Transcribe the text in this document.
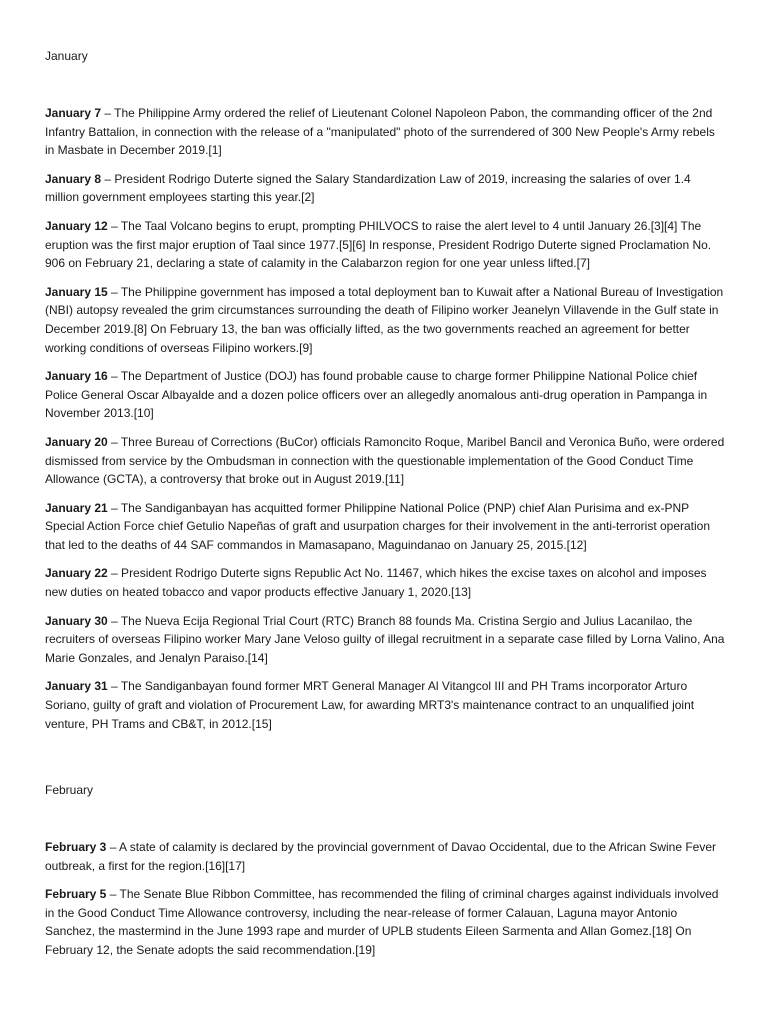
January
January 7 – The Philippine Army ordered the relief of Lieutenant Colonel Napoleon Pabon, the commanding officer of the 2nd Infantry Battalion, in connection with the release of a "manipulated" photo of the surrendered of 300 New People's Army rebels in Masbate in December 2019.[1]
January 8 – President Rodrigo Duterte signed the Salary Standardization Law of 2019, increasing the salaries of over 1.4 million government employees starting this year.[2]
January 12 – The Taal Volcano begins to erupt, prompting PHILVOCS to raise the alert level to 4 until January 26.[3][4] The eruption was the first major eruption of Taal since 1977.[5][6] In response, President Rodrigo Duterte signed Proclamation No. 906 on February 21, declaring a state of calamity in the Calabarzon region for one year unless lifted.[7]
January 15 – The Philippine government has imposed a total deployment ban to Kuwait after a National Bureau of Investigation (NBI) autopsy revealed the grim circumstances surrounding the death of Filipino worker Jeanelyn Villavende in the Gulf state in December 2019.[8] On February 13, the ban was officially lifted, as the two governments reached an agreement for better working conditions of overseas Filipino workers.[9]
January 16 – The Department of Justice (DOJ) has found probable cause to charge former Philippine National Police chief Police General Oscar Albayalde and a dozen police officers over an allegedly anomalous anti-drug operation in Pampanga in November 2013.[10]
January 20 – Three Bureau of Corrections (BuCor) officials Ramoncito Roque, Maribel Bancil and Veronica Buño, were ordered dismissed from service by the Ombudsman in connection with the questionable implementation of the Good Conduct Time Allowance (GCTA), a controversy that broke out in August 2019.[11]
January 21 – The Sandiganbayan has acquitted former Philippine National Police (PNP) chief Alan Purisima and ex-PNP Special Action Force chief Getulio Napeñas of graft and usurpation charges for their involvement in the anti-terrorist operation that led to the deaths of 44 SAF commandos in Mamasapano, Maguindanao on January 25, 2015.[12]
January 22 – President Rodrigo Duterte signs Republic Act No. 11467, which hikes the excise taxes on alcohol and imposes new duties on heated tobacco and vapor products effective January 1, 2020.[13]
January 30 – The Nueva Ecija Regional Trial Court (RTC) Branch 88 founds Ma. Cristina Sergio and Julius Lacanilao, the recruiters of overseas Filipino worker Mary Jane Veloso guilty of illegal recruitment in a separate case filled by Lorna Valino, Ana Marie Gonzales, and Jenalyn Paraiso.[14]
January 31 – The Sandiganbayan found former MRT General Manager Al Vitangcol III and PH Trams incorporator Arturo Soriano, guilty of graft and violation of Procurement Law, for awarding MRT3's maintenance contract to an unqualified joint venture, PH Trams and CB&T, in 2012.[15]
February
February 3 – A state of calamity is declared by the provincial government of Davao Occidental, due to the African Swine Fever outbreak, a first for the region.[16][17]
February 5 – The Senate Blue Ribbon Committee, has recommended the filing of criminal charges against individuals involved in the Good Conduct Time Allowance controversy, including the near-release of former Calauan, Laguna mayor Antonio Sanchez, the mastermind in the June 1993 rape and murder of UPLB students Eileen Sarmenta and Allan Gomez.[18] On February 12, the Senate adopts the said recommendation.[19]
